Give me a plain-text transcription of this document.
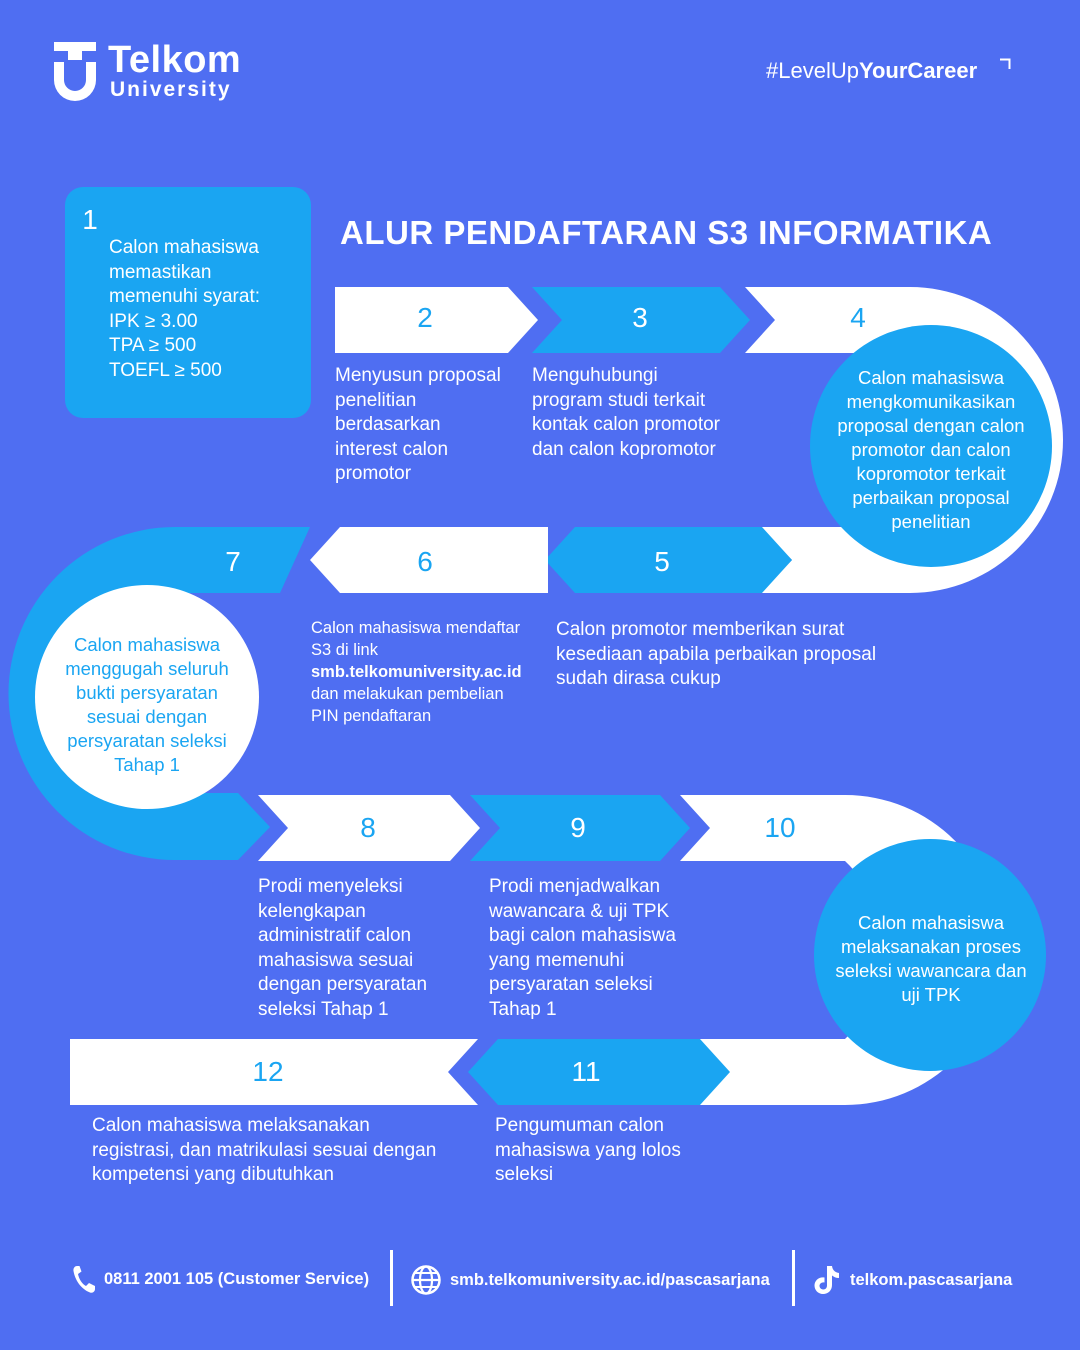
Telkom
University
#LevelUpYourCareer
ALUR PENDAFTARAN S3 INFORMATIKA
1
2	3	4
5
6
7
8	9	10
11
12
Calon mahasiswa
memastikan
memenuhi syarat:
IPK ≥ 3.00
TPA ≥ 500
TOEFL ≥ 500	Menyusun proposal
penelitian
berdasarkan
interest calon
promotor
Menguhubungi
program studi terkait
kontak calon promotor
dan calon kopromotor
Calon mahasiswa
mengkomunikasikan
proposal dengan calon
promotor dan calon
kopromotor terkait
perbaikan proposal
penelitian
Calon promotor memberikan surat
kesediaan apabila perbaikan proposal
sudah dirasa cukup
Calon mahasiswa mendaftar
S3 di link
smb.telkomuniversity.ac.id
dan melakukan pembelian
PIN pendaftaran
Calon mahasiswa
menggugah seluruh
bukti persyaratan
sesuai dengan
persyaratan seleksi
Tahap 1
Prodi menyeleksi
kelengkapan
administratif calon
mahasiswa sesuai
dengan persyaratan
seleksi Tahap 1
Prodi menjadwalkan
wawancara & uji TPK
bagi calon mahasiswa
yang memenuhi
persyaratan seleksi
Tahap 1
Calon mahasiswa
melaksanakan proses
seleksi wawancara dan
uji TPK
Pengumuman calon
mahasiswa yang lolos
seleksi
Calon mahasiswa melaksanakan
registrasi, dan matrikulasi sesuai dengan
kompetensi yang dibutuhkan
0811 2001 105 (Customer Service)	smb.telkomuniversity.ac.id/pascasarjana	telkom.pascasarjana
